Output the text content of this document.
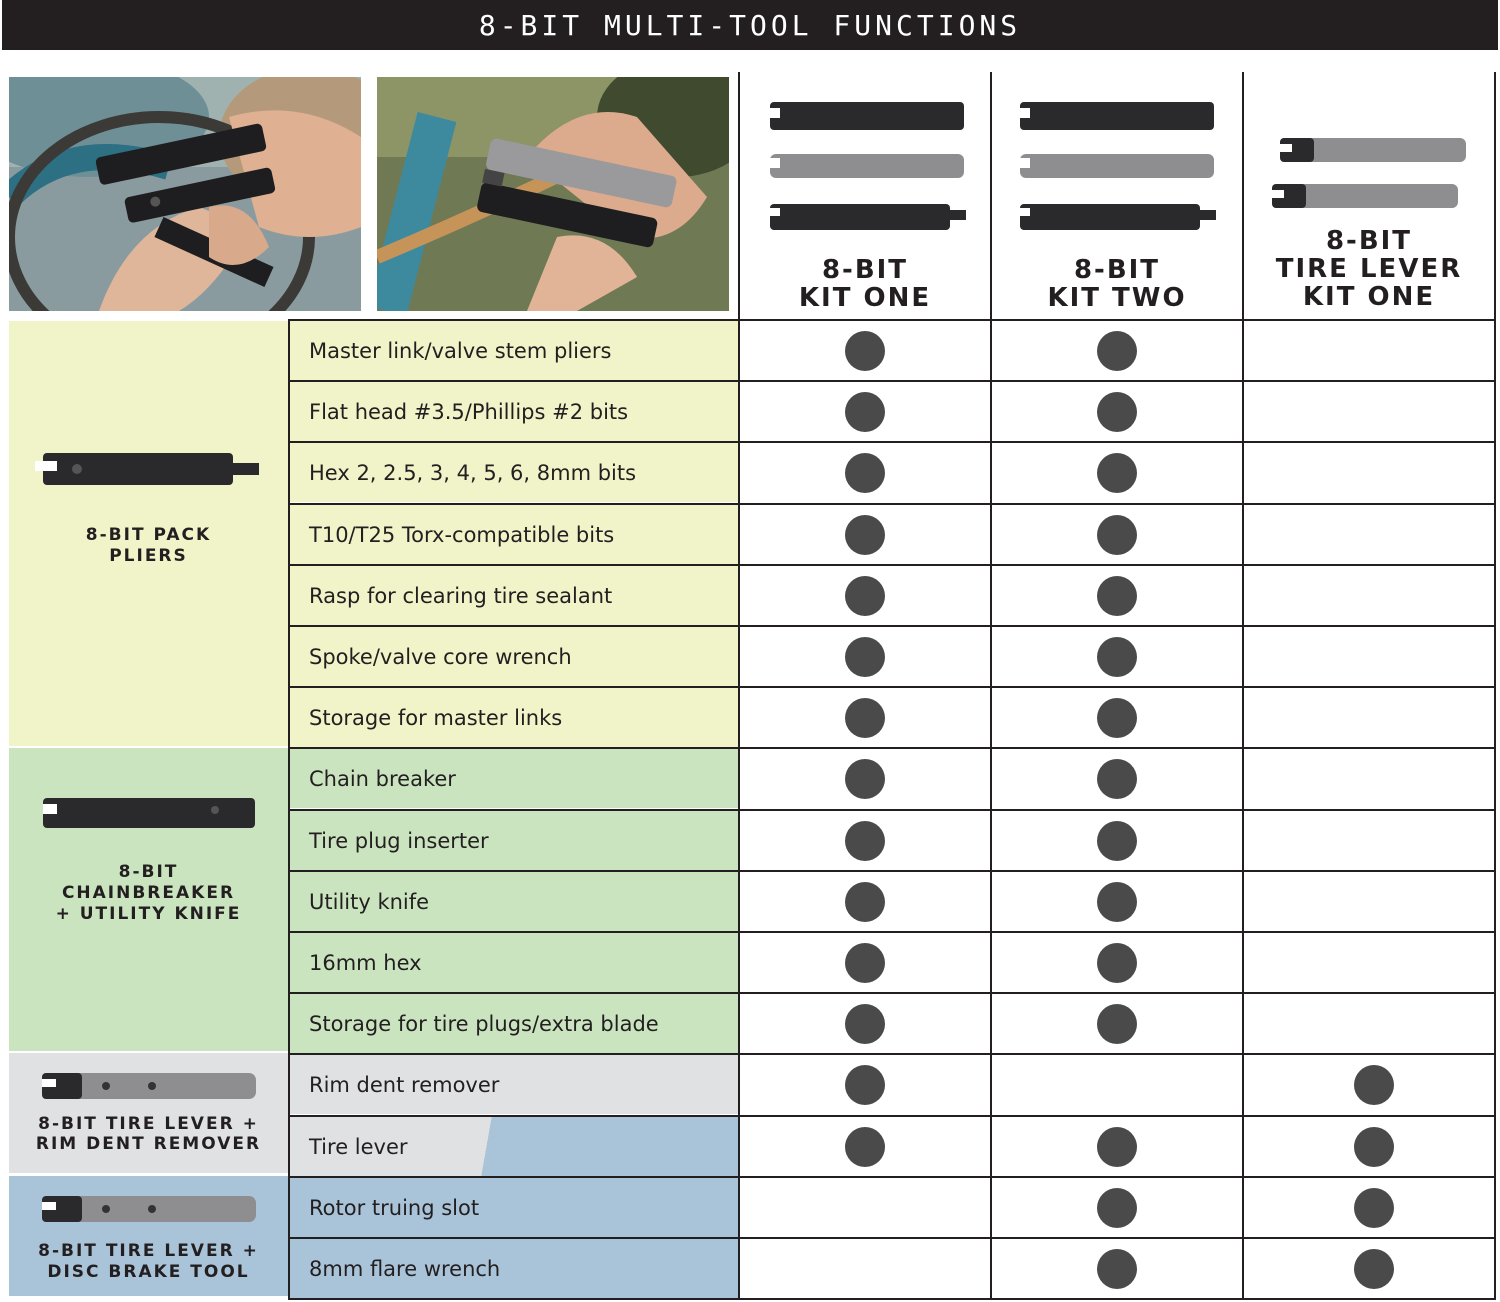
8-BIT MULTI-TOOL FUNCTIONS
8-BIT
KIT ONE
8-BIT
KIT TWO
8-BIT
TIRE LEVER
KIT ONE
8-BIT PACK
PLIERS
8-BIT
CHAINBREAKER
+ UTILITY KNIFE
8-BIT TIRE LEVER +
RIM DENT REMOVER
8-BIT TIRE LEVER +
DISC BRAKE TOOL
Master link/valve stem pliers
Flat head #3.5/Phillips #2 bits
Hex 2, 2.5, 3, 4, 5, 6, 8mm bits
T10/T25 Torx-compatible bits
Rasp for clearing tire sealant
Spoke/valve core wrench
Storage for master links
Chain breaker
Tire plug inserter
Utility knife
16mm hex
Storage for tire plugs/extra blade
Rim dent remover
Tire lever
Rotor truing slot
8mm flare wrench
